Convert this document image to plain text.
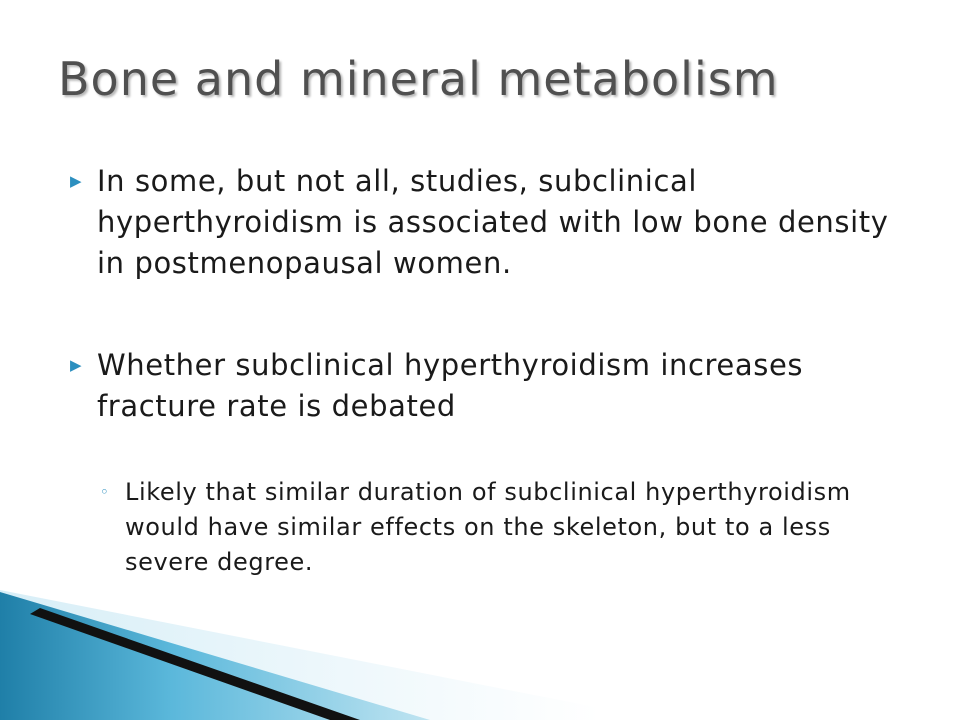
Bone and mineral metabolism
▶ In some, but not all, studies, subclinical hyperthyroidism is associated with low bone density in postmenopausal women.
▶ Whether subclinical hyperthyroidism increases fracture rate is debated
◦ Likely that similar duration of subclinical hyperthyroidism would have similar effects on the skeleton, but to a less severe degree.
